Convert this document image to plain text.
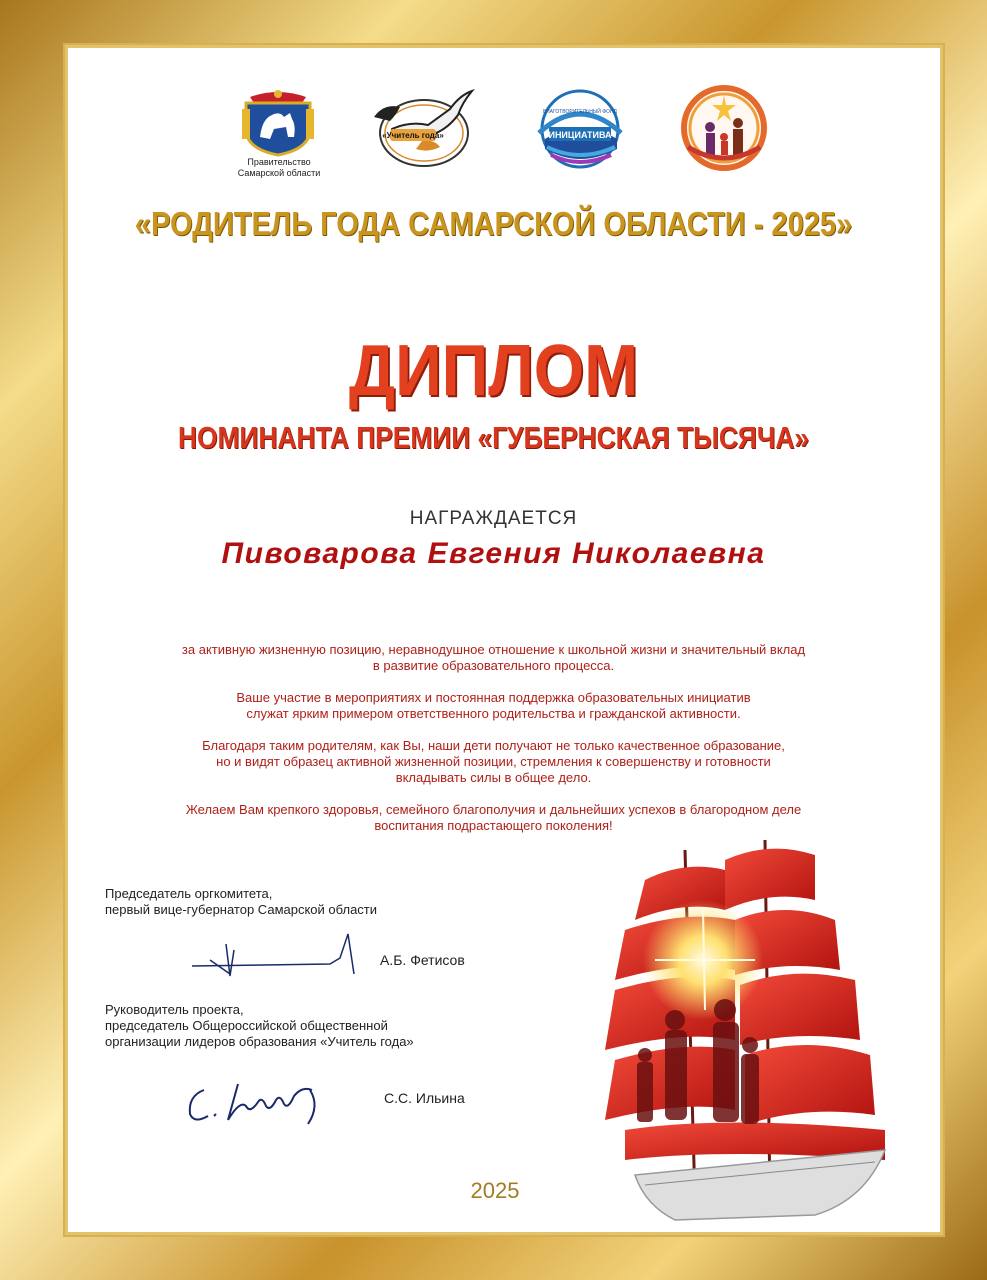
«Учитель года»	ИНИЦИАТИВА
БЛАГОТВОРИТЕЛЬНЫЙ ФОНД
Правительство
Самарской области
«РОДИТЕЛЬ ГОДА САМАРСКОЙ ОБЛАСТИ - 2025»
ДИПЛОМ
НОМИНАНТА ПРЕМИИ «ГУБЕРНСКАЯ ТЫСЯЧА»
НАГРАЖДАЕТСЯ
Пивоварова Евгения Николаевна

за активную жизненную позицию, неравнодушное отношение к школьной жизни и значительный вклад
в развитие образовательного процесса.

Ваше участие в мероприятиях и постоянная поддержка образовательных инициатив
служат ярким примером ответственного родительства и гражданской активности.

Благодаря таким родителям, как Вы, наши дети получают не только качественное образование,
но и видят образец активной жизненной позиции, стремления к совершенству и готовности
вкладывать силы в общее дело.

Желаем Вам крепкого здоровья, семейного благополучия и дальнейших успехов в благородном деле
воспитания подрастающего поколения!

Председатель оргкомитета,
первый вице-губернатор Самарской области
А.Б. Фетисов
Руководитель проекта,
председатель Общероссийской общественной
организации лидеров образования «Учитель года»
С.С. Ильина
2025
